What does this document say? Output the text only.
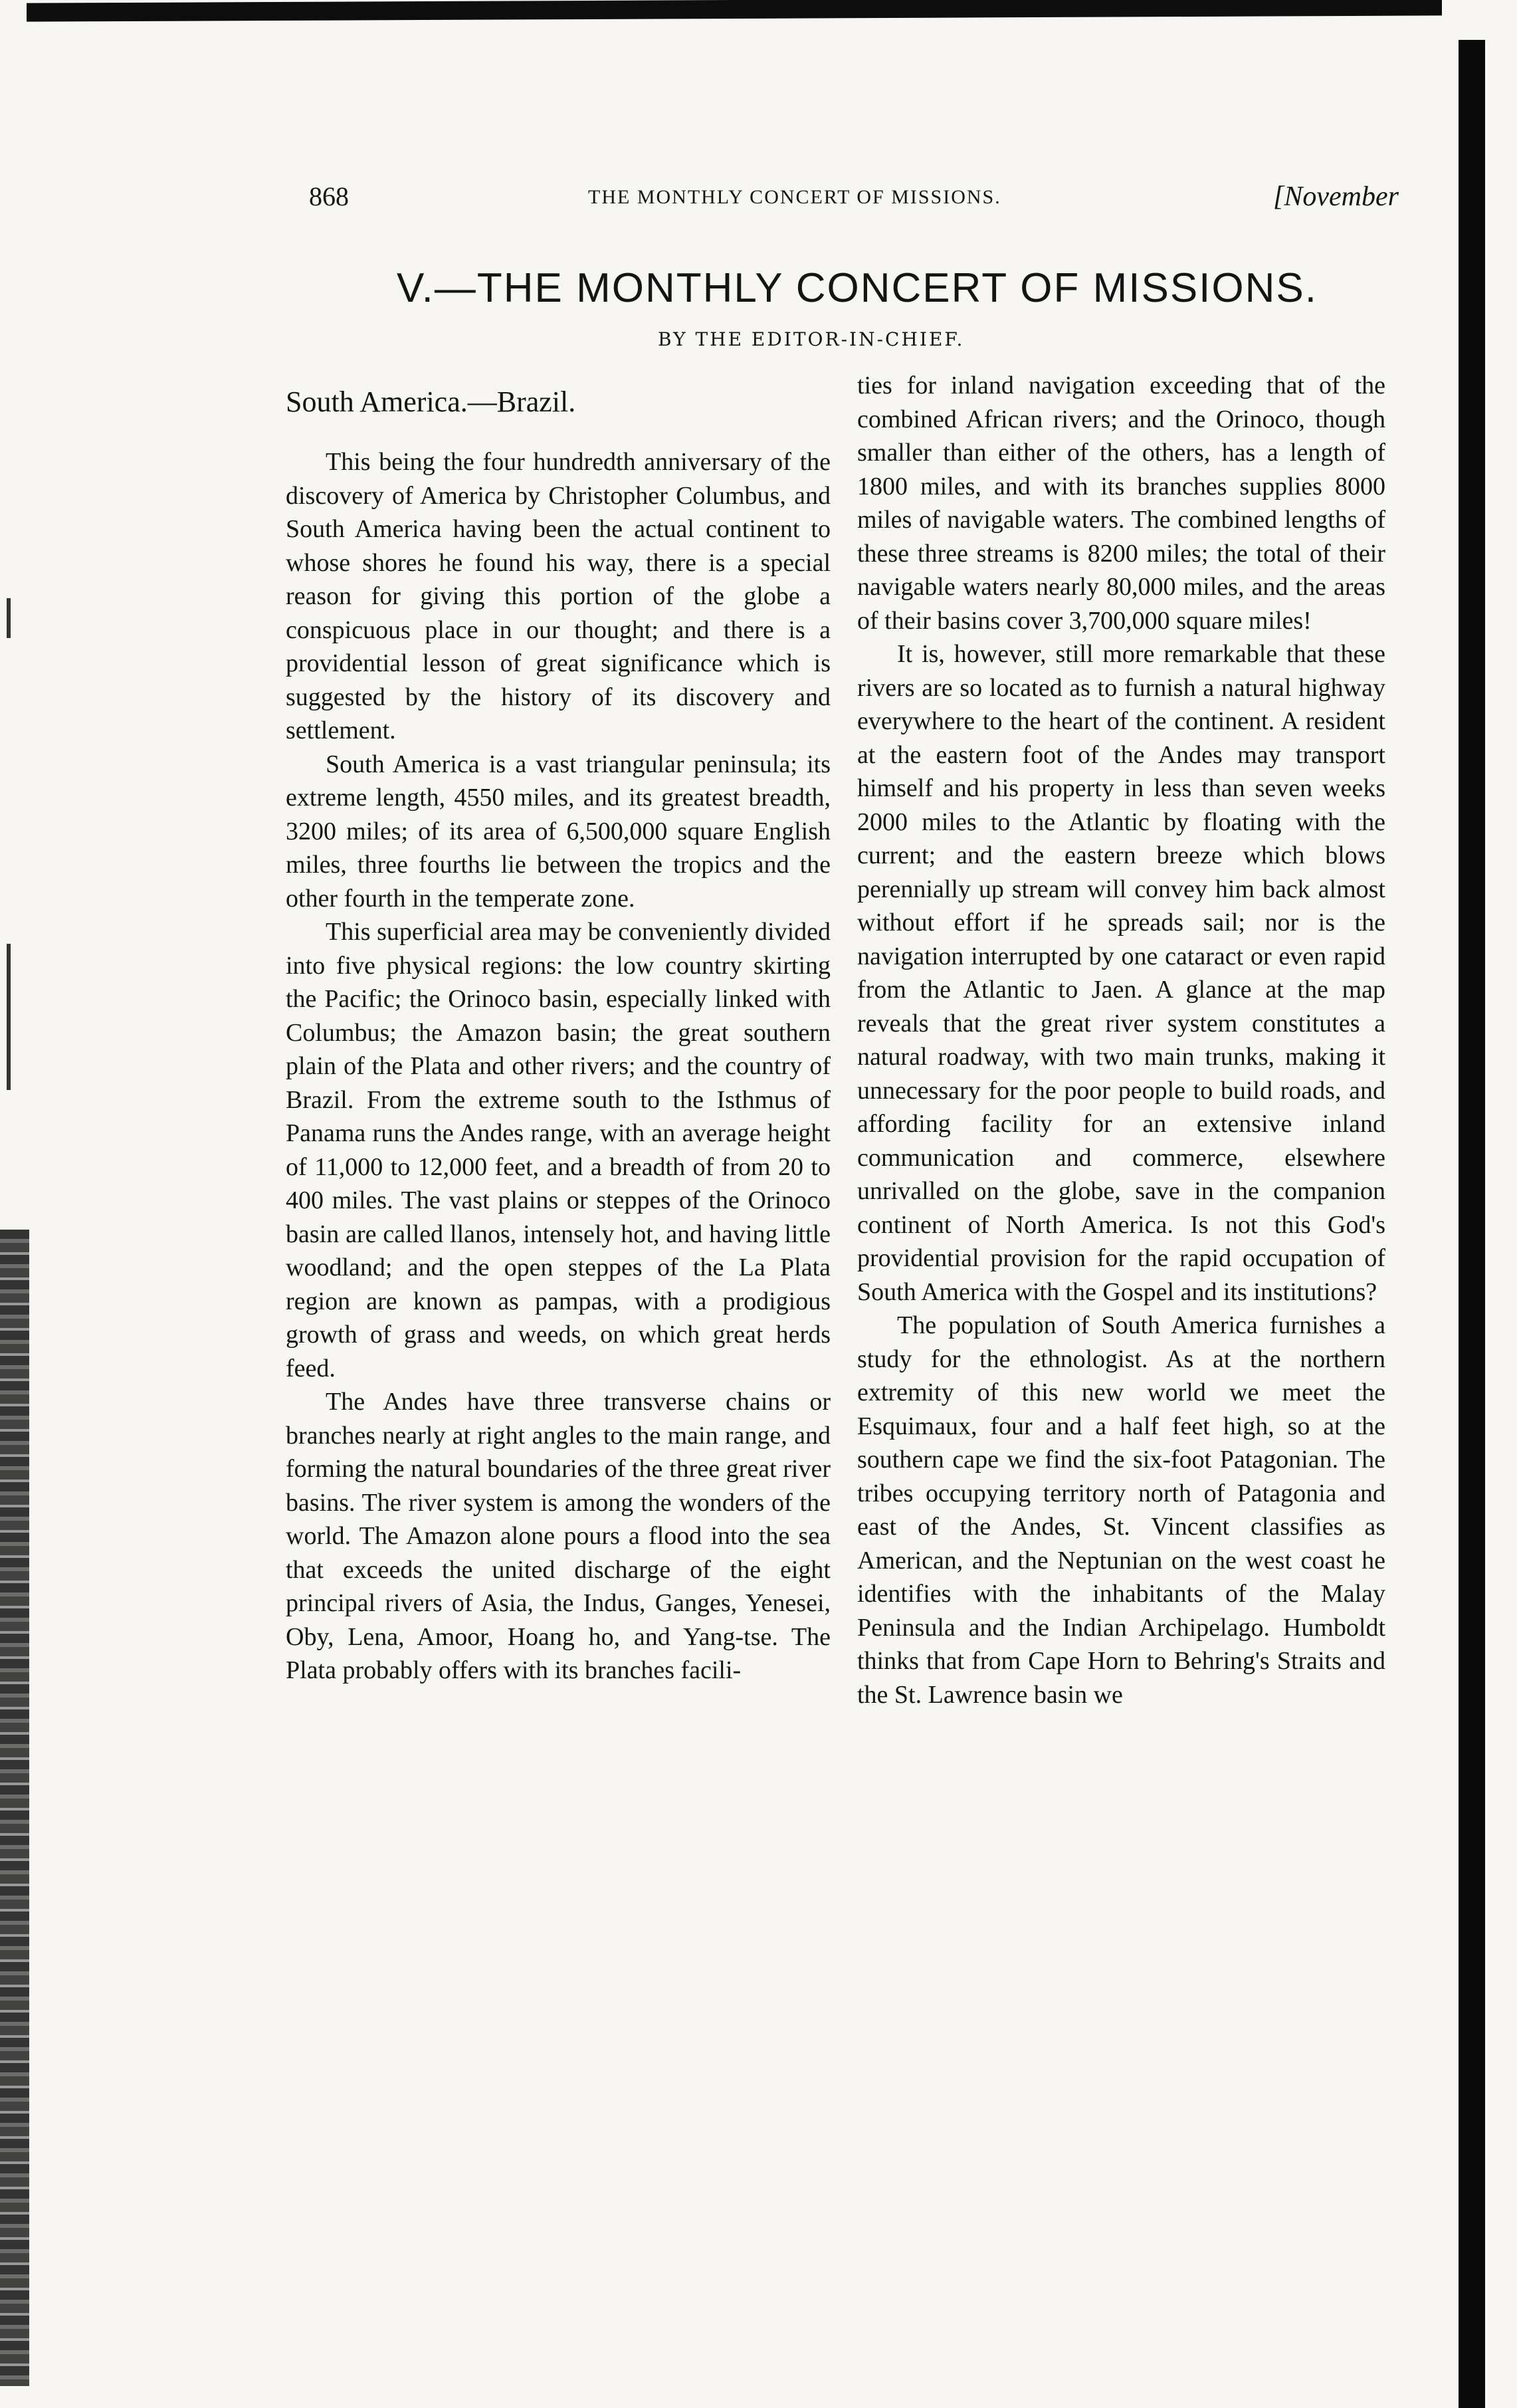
868	THE MONTHLY CONCERT OF MISSIONS.	[November
V.—THE MONTHLY CONCERT OF MISSIONS.
BY THE EDITOR-IN-CHIEF.
South America.—Brazil.

This being the four hundredth anniversary of the discovery of America by Christopher Columbus, and South America having been the actual continent to whose shores he found his way, there is a special reason for giving this portion of the globe a conspicuous place in our thought; and there is a providential lesson of great significance which is suggested by the history of its discovery and settlement.

South America is a vast triangular peninsula; its extreme length, 4550 miles, and its greatest breadth, 3200 miles; of its area of 6,500,000 square English miles, three fourths lie between the tropics and the other fourth in the temperate zone.

This superficial area may be conveniently divided into five physical regions: the low country skirting the Pacific; the Orinoco basin, especially linked with Columbus; the Amazon basin; the great southern plain of the Plata and other rivers; and the country of Brazil. From the extreme south to the Isthmus of Panama runs the Andes range, with an average height of 11,000 to 12,000 feet, and a breadth of from 20 to 400 miles. The vast plains or steppes of the Orinoco basin are called llanos, intensely hot, and having little woodland; and the open steppes of the La Plata region are known as pampas, with a prodigious growth of grass and weeds, on which great herds feed.

The Andes have three transverse chains or branches nearly at right angles to the main range, and forming the natural boundaries of the three great river basins. The river system is among the wonders of the world. The Amazon alone pours a flood into the sea that exceeds the united discharge of the eight principal rivers of Asia, the Indus, Ganges, Yenesei, Oby, Lena, Amoor, Hoang ho, and Yang-tse. The Plata probably offers with its branches facili-

ties for inland navigation exceeding that of the combined African rivers; and the Orinoco, though smaller than either of the others, has a length of 1800 miles, and with its branches supplies 8000 miles of navigable waters. The combined lengths of these three streams is 8200 miles; the total of their navigable waters nearly 80,000 miles, and the areas of their basins cover 3,700,000 square miles!

It is, however, still more remarkable that these rivers are so located as to furnish a natural highway everywhere to the heart of the continent. A resident at the eastern foot of the Andes may transport himself and his property in less than seven weeks 2000 miles to the Atlantic by floating with the current; and the eastern breeze which blows perennially up stream will convey him back almost without effort if he spreads sail; nor is the navigation interrupted by one cataract or even rapid from the Atlantic to Jaen. A glance at the map reveals that the great river system constitutes a natural roadway, with two main trunks, making it unnecessary for the poor people to build roads, and affording facility for an extensive inland communication and commerce, elsewhere unrivalled on the globe, save in the companion continent of North America. Is not this God's providential provision for the rapid occupation of South America with the Gospel and its institutions?

The population of South America furnishes a study for the ethnologist. As at the northern extremity of this new world we meet the Esquimaux, four and a half feet high, so at the southern cape we find the six-foot Patagonian. The tribes occupying territory north of Patagonia and east of the Andes, St. Vincent classifies as American, and the Neptunian on the west coast he identifies with the inhabitants of the Malay Peninsula and the Indian Archipelago. Humboldt thinks that from Cape Horn to Behring's Straits and the St. Lawrence basin we
